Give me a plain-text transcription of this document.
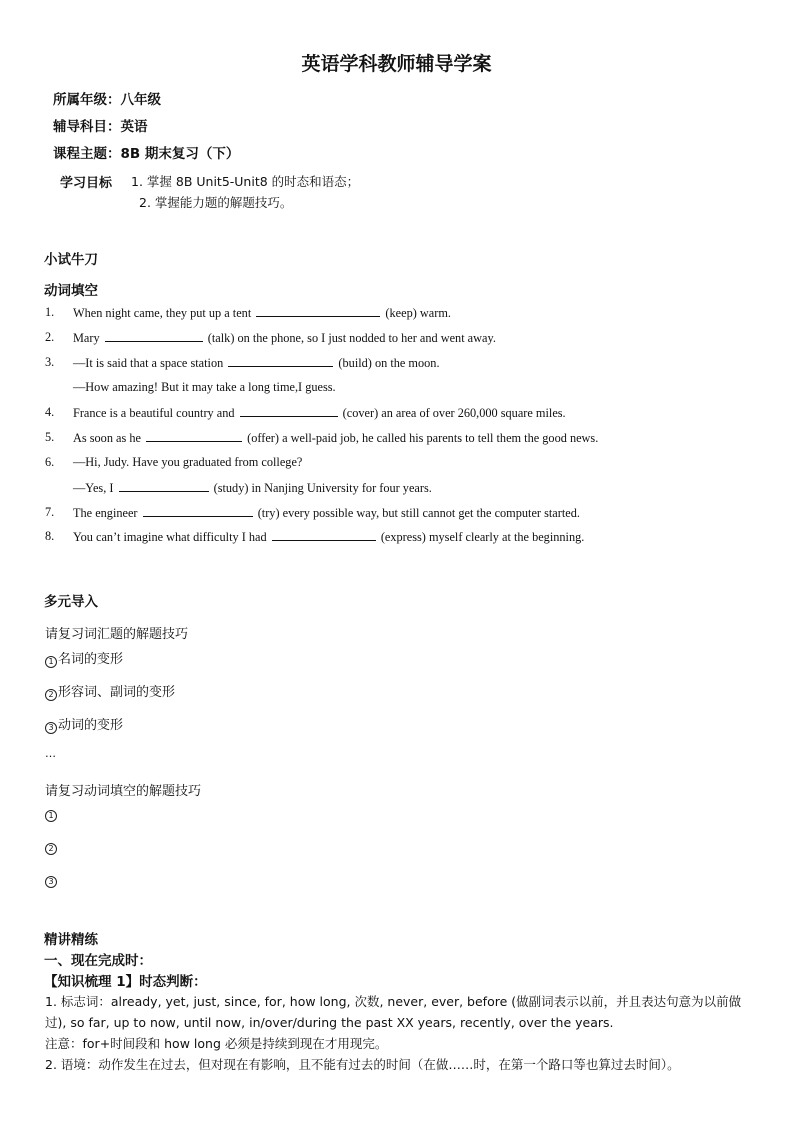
英语学科教师辅导学案
所属年级：八年级
辅导科目：英语
课程主题：8B 期末复习（下）
学习目标 1. 掌握 8B Unit5-Unit8 的时态和语态；
2. 掌握能力题的解题技巧。
小试牛刀
动词填空
1. When night came, they put up a tent	(keep) warm.
2. Mary	(talk) on the phone, so I just nodded to her and went away.
3. —It is said that a space station	(build) on the moon.
—How amazing! But it may take a long time,I guess.
4. France is a beautiful country and	(cover) an area of over 260,000 square miles.
5. As soon as he	(offer) a well-paid job, he called his parents to tell them the good news.
6. —Hi, Judy. Have you graduated from college?
—Yes, I	(study) in Nanjing University for four years.
7. The engineer	(try) every possible way, but still cannot get the computer started.
8. You can’t imagine what difficulty I had	(express) myself clearly at the beginning.
多元导入
请复习词汇题的解题技巧
1 名词的变形
2 形容词、副词的变形
3 动词的变形
…
请复习动词填空的解题技巧
1
2
3
精讲精练
一、现在完成时：
【知识梳理 1】时态判断：
1. 标志词：already, yet, just, since, for, how long, 次数, never, ever, before (做副词表示以前，并且表达句意为以前做
过), so far, up to now, until now, in/over/during the past XX years, recently, over the years.
注意：for+时间段和 how long 必须是持续到现在才用现完。
2. 语境：动作发生在过去，但对现在有影响，且不能有过去的时间（在做……时，在第一个路口等也算过去时间）。
